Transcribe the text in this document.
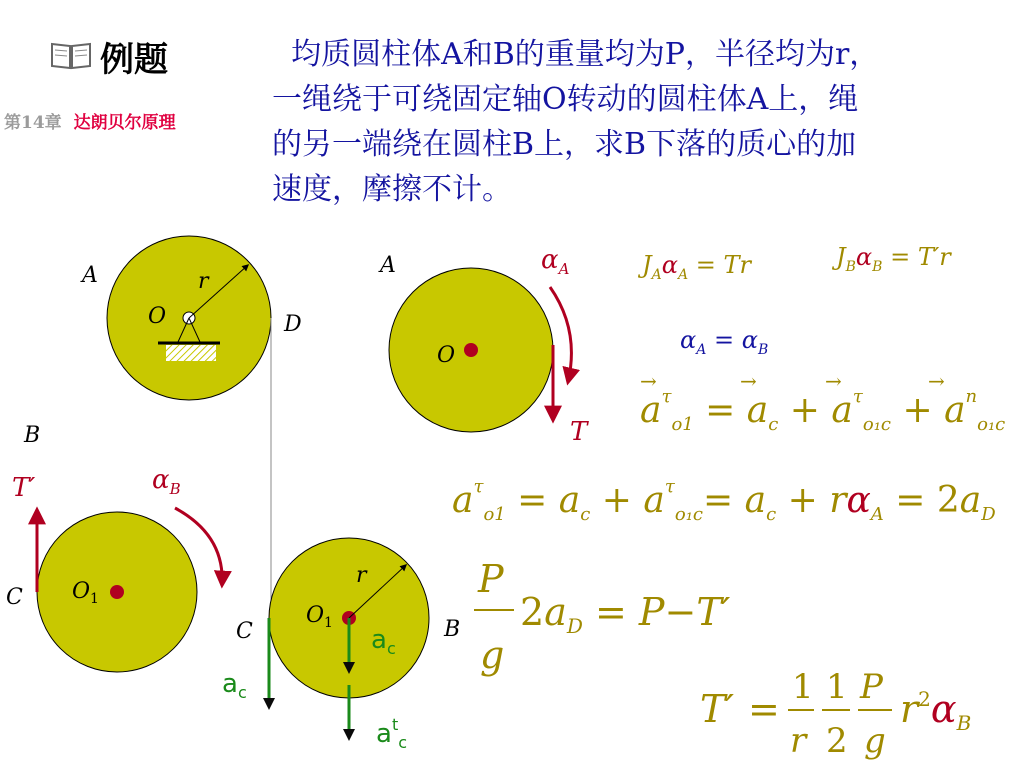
例题
第14章 达朗贝尔原理
均质圆柱体A和B的重量均为P，半径均为r，
一绳绕于可绕固定轴O转动的圆柱体A上，绳
的另一端绕在圆柱B上，求B下落的质心的加
速度，摩擦不计。
A	r
O	D
B
$O_1$
C
T′	$\alpha_B$
r
$O_1$
C	B
$a_c$
$a_c$
$a^t_c$
A
O
T
$\alpha_A$	$J_A\alpha_A = Tr$	$J_B\alpha_B = T'r$
$\alpha_A = \alpha_B$
$a^\tau_{o1} = a_c + a^\tau_{o_1c} + a^n_{o_1c}$
→	→	→	→
$a^\tau_{o1} = a_c + a^\tau_{o_1c}= a_c + r\alpha_A = 2a_D$
P
g
$2a_D = P-T'$
T′ = 1
r
1
2
P
g
$r^2\alpha_B$
